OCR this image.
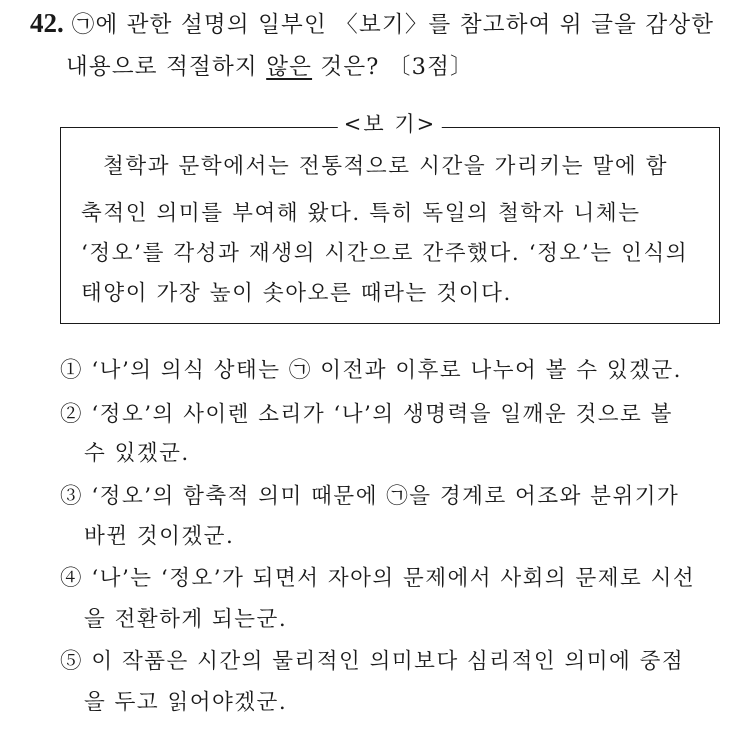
42. ㉠에 관한 설명의 일부인 〈보기〉를 참고하여 위 글을 감상한
내용으로 적절하지 않은 것은? 〔3점〕
<보 기>
철학과 문학에서는 전통적으로 시간을 가리키는 말에 함
축적인 의미를 부여해 왔다. 특히 독일의 철학자 니체는
‘정오’를 각성과 재생의 시간으로 간주했다. ‘정오’는 인식의
태양이 가장 높이 솟아오른 때라는 것이다.
① ‘나’의 의식 상태는 ㉠ 이전과 이후로 나누어 볼 수 있겠군.
② ‘정오’의 사이렌 소리가 ‘나’의 생명력을 일깨운 것으로 볼
수 있겠군.
③ ‘정오’의 함축적 의미 때문에 ㉠을 경계로 어조와 분위기가
바뀐 것이겠군.
④ ‘나’는 ‘정오’가 되면서 자아의 문제에서 사회의 문제로 시선
을 전환하게 되는군.
⑤ 이 작품은 시간의 물리적인 의미보다 심리적인 의미에 중점
을 두고 읽어야겠군.
